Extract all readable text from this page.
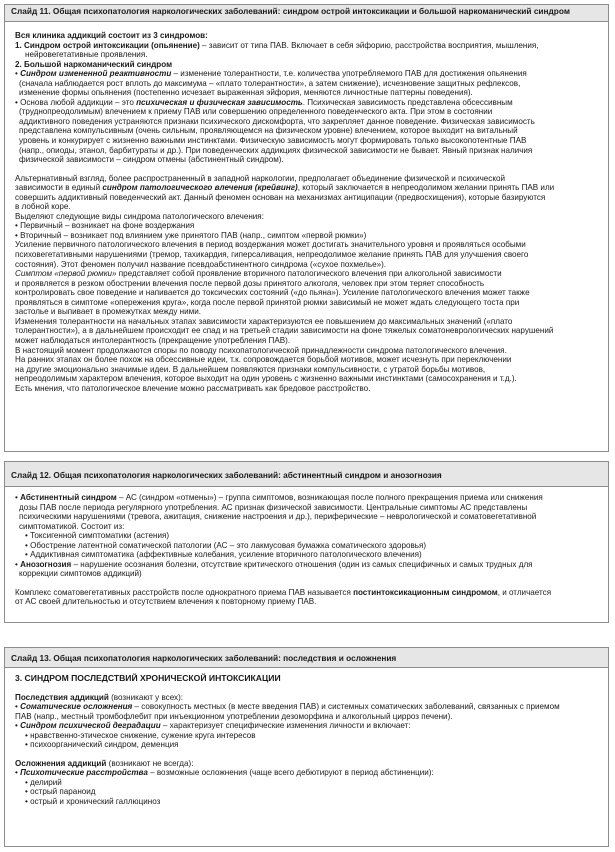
Слайд 11. Общая психопатология наркологических заболеваний: синдром острой интоксикации и большой наркоманический синдром

Вся клиника аддикций состоит из 3 синдромов:

1. Синдром острой интоксикации (опьянение) – зависит от типа ПАВ. Включает в себя эйфорию, расстройства восприятия, мышления,

нейровегетативные проявления.

2. Большой наркоманический синдром

• Синдром измененной реактивности – изменение толерантности, т.е. количества употребляемого ПАВ для достижения опьянения

(сначала наблюдается рост вплоть до максимума – «плато толерантности», а затем снижение), исчезновение защитных рефлексов,

изменение формы опьянения (постепенно исчезает выраженная эйфория, меняются личностные паттерны поведения).

• Основа любой аддикции – это психическая и физическая зависимость. Психическая зависимость представлена обсессивным

(труднопреодолимым) влечением к приему ПАВ или совершению определенного поведенческого акта. При этом в состоянии

аддиктивного поведения устраняются признаки психического дискомфорта, что закрепляет данное поведение. Физическая зависимость

представлена компульсивным (очень сильным, проявляющемся на физическом уровне) влечением, которое выходит на витальный

уровень и конкурирует с жизненно важными инстинктами. Физическую зависимость могут формировать только высокопотентные ПАВ

(напр., опиоды, этанол, барбитураты и др.). При поведенческих аддикциях физической зависимости не бывает. Явный признак наличия

физической зависимости – синдром отмены (абстинентный синдром).

Альтернативный взгляд, более распространенный в западной наркологии, предполагает объединение физической и психической

зависимости в единый синдром патологического влечения (крейвинг), который заключается в непреодолимом желании принять ПАВ или

совершить аддиктивный поведенческий акт. Данный феномен основан на механизмах антиципации (предвосхищения), которые базируются

в лобной коре.

Выделяют следующие виды синдрома патологического влечения:

• Первичный – возникает на фоне воздержания

• Вторичный – возникает под влиянием уже принятого ПАВ (напр., симптом «первой рюмки»)

Усиление первичного патологического влечения в период воздержания может достигать значительного уровня и проявляться особыми

психовегетативными нарушениями (тремор, тахикардия, гиперсаливация, непреодолимое желание принять ПАВ для улучшения своего

состояния). Этот феномен получил название псевдоабстинентного синдрома («сухое похмелье»).

Симптом «первой рюмки» представляет собой проявление вторичного патологического влечения при алкогольной зависимости

и проявляется в резком обострении влечения после первой дозы принятого алкоголя, человек при этом теряет способность

контролировать свое поведение и напивается до токсических состояний («до пьяна»). Усиление патологического влечения может также

проявляться в симптоме «опережения круга», когда после первой принятой рюмки зависимый не может ждать следующего тоста при

застолье и выпивает в промежутках между ними.

Изменения толерантности на начальных этапах зависимости характеризуются ее повышением до максимальных значений («плато

толерантности»), а в дальнейшем происходит ее спад и на третьей стадии зависимости на фоне тяжелых соматоневрологических нарушений

может наблюдаться интолерантность (прекращение употребления ПАВ).

В настоящий момент продолжаются споры по поводу психопатологической принадлежности синдрома патологического влечения.

На ранних этапах он более похож на обсессивные идеи, т.к. сопровождается борьбой мотивов, может исчезнуть при переключении

на другие эмоционально значимые идеи. В дальнейшем появляются признаки компульсивности, с утратой борьбы мотивов,

непреодолимым характером влечения, которое выходит на один уровень с жизненно важными инстинктами (самосохранения и т.д.).

Есть мнения, что патологическое влечение можно рассматривать как бредовое расстройство.

Слайд 12. Общая психопатология наркологических заболеваний: абстинентный синдром и анозогнозия

• Абстинентный синдром – АС (синдром «отмены») – группа симптомов, возникающая после полного прекращения приема или снижения

дозы ПАВ после периода регулярного употребления. АС признак физической зависимости. Центральные симптомы АС представлены

психическими нарушениями (тревога, ажитация, снижение настроения и др.), периферические – неврологической и соматовегетативной

симптоматикой. Состоит из:

• Токсигенной симптоматики (астения)

• Обострение латентной соматической патологии (АС – это лакмусовая бумажка соматического здоровья)

• Аддиктивная симптоматика (аффективные колебания, усиление вторичного патологического влечения)

• Анозогнозия – нарушение осознания болезни, отсутствие критического отношения (один из самых специфичных и самых трудных для

коррекции симптомов аддикций)

Комплекс соматовегетативных расстройств после однократного приема ПАВ называется постинтоксикационным синдромом, и отличается

от АС своей длительностью и отсутствием влечения к повторному приему ПАВ.

Слайд 13. Общая психопатология наркологических заболеваний: последствия и осложнения

3. СИНДРОМ ПОСЛЕДСТВИЙ ХРОНИЧЕСКОЙ ИНТОКСИКАЦИИ

Последствия аддикций (возникают у всех):

• Соматические осложнения – совокупность местных (в месте введения ПАВ) и системных соматических заболеваний, связанных с приемом

ПАВ (напр., местный тромбофлебит при инъекционном употреблении дезоморфина и алкогольный цирроз печени).

• Синдром психической деградации – характеризует специфические изменения личности и включает:

• нравственно-этическое снижение, сужение круга интересов

• психоорганический синдром, деменция

Осложнения аддикций (возникают не всегда):

• Психотические расстройства – возможные осложнения (чаще всего дебютируют в период абстиненции):

• делирий

• острый параноид

• острый и хронический галлюциноз
